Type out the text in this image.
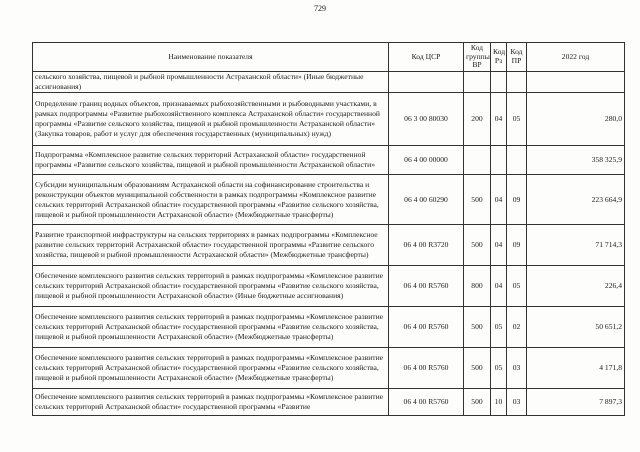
729
Наименование показателя	Код ЦСР	Код группы ВР	Код Рз	Код ПР	2022 год
сельского хозяйства, пищевой и рыбной промышленности Астраханской области» (Иные бюджетные ассигнования)					
Определение границ водных объектов, признаваемых рыбохозяйственными и рыбоводными участками, в рамках подпрограммы «Развитие рыбохозяйственного комплекса Астраханской области» государственной программы «Развитие сельского хозяйства, пищевой и рыбной промышленности Астраханской области» (Закупка товаров, работ и услуг для обеспечения государственных (муниципальных) нужд)	06 3 00 80030	200	04	05	280,0
Подпрограмма «Комплексное развитие сельских территорий Астраханской области» государственной программы «Развитие сельского хозяйства, пищевой и рыбной промышленности Астраханской области»	06 4 00 00000				358 325,9
Субсидии муниципальным образованиям Астраханской области на софинансирование строительства и реконструкции объектов муниципальной собственности в рамках подпрограммы «Комплексное развитие сельских территорий Астраханской области» государственной программы «Развитие сельского хозяйства, пищевой и рыбной промышленности Астраханской области» (Межбюджетные трансферты)	06 4 00 60290	500	04	09	223 664,9
Развитие транспортной инфраструктуры на сельских территориях в рамках подпрограммы «Комплексное развитие сельских территорий Астраханской области» государственной программы «Развитие сельского хозяйства, пищевой и рыбной промышленности Астраханской области» (Межбюджетные трансферты)	06 4 00 R3720	500	04	09	71 714,3
Обеспечение комплексного развития сельских территорий в рамках подпрограммы «Комплексное развитие сельских территорий Астраханской области» государственной программы «Развитие сельского хозяйства, пищевой и рыбной промышленности Астраханской области» (Иные бюджетные ассигнования)	06 4 00 R5760	800	04	05	226,4
Обеспечение комплексного развития сельских территорий в рамках подпрограммы «Комплексное развитие сельских территорий Астраханской области» государственной программы «Развитие сельского хозяйства, пищевой и рыбной промышленности Астраханской области» (Межбюджетные трансферты)	06 4 00 R5760	500	05	02	50 651,2
Обеспечение комплексного развития сельских территорий в рамках подпрограммы «Комплексное развитие сельских территорий Астраханской области» государственной программы «Развитие сельского хозяйства, пищевой и рыбной промышленности Астраханской области» (Межбюджетные трансферты)	06 4 00 R5760	500	05	03	4 171,8
Обеспечение комплексного развития сельских территорий в рамках подпрограммы «Комплексное развитие сельских территорий Астраханской области» государственной программы «Развитие	06 4 00 R5760	500	10	03	7 897,3
